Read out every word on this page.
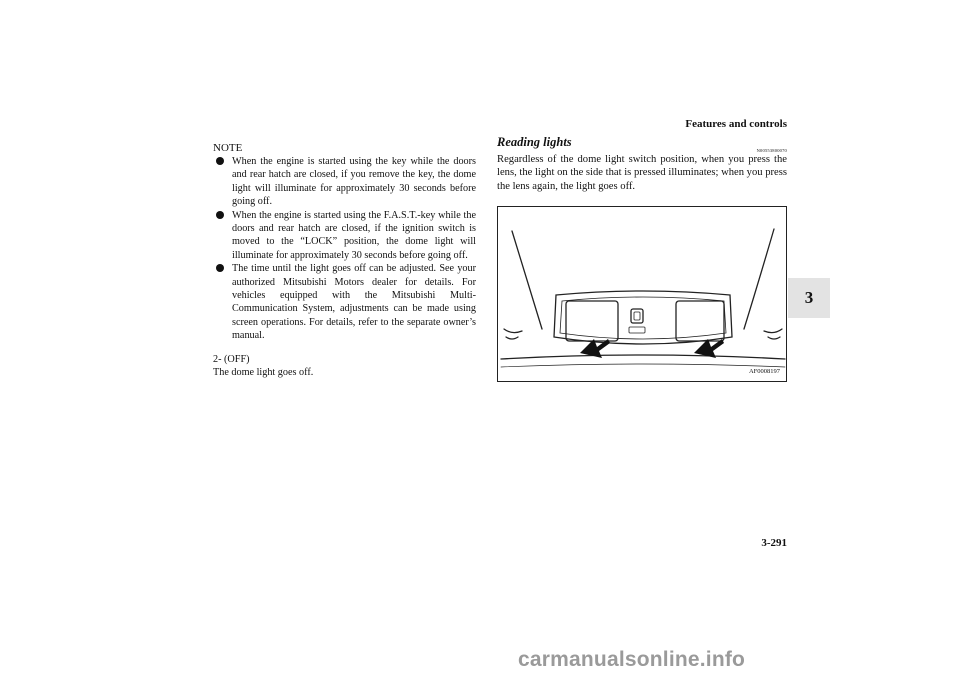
Features and controls
3
NOTE
When the engine is started using the key while the doors and rear hatch are closed, if you remove the key, the dome light will illuminate for approximately 30 seconds before going off.
When the engine is started using the F.A.S.T.-key while the doors and rear hatch are closed, if the ignition switch is moved to the “LOCK” position, the dome light will illuminate for approximately 30 seconds before going off.
The time until the light goes off can be adjusted. See your authorized Mitsubishi Motors dealer for details. For vehicles equipped with the Mitsubishi Multi-Communication System, adjustments can be made using screen operations. For details, refer to the separate owner’s manual.
2- (OFF)
The dome light goes off.
Reading lights
N00553800070
Regardless of the dome light switch position, when you press the lens, the light on the side that is pressed illuminates; when you press the lens again, the light goes off.
AF0008197
3-291
carmanualsonline.info
